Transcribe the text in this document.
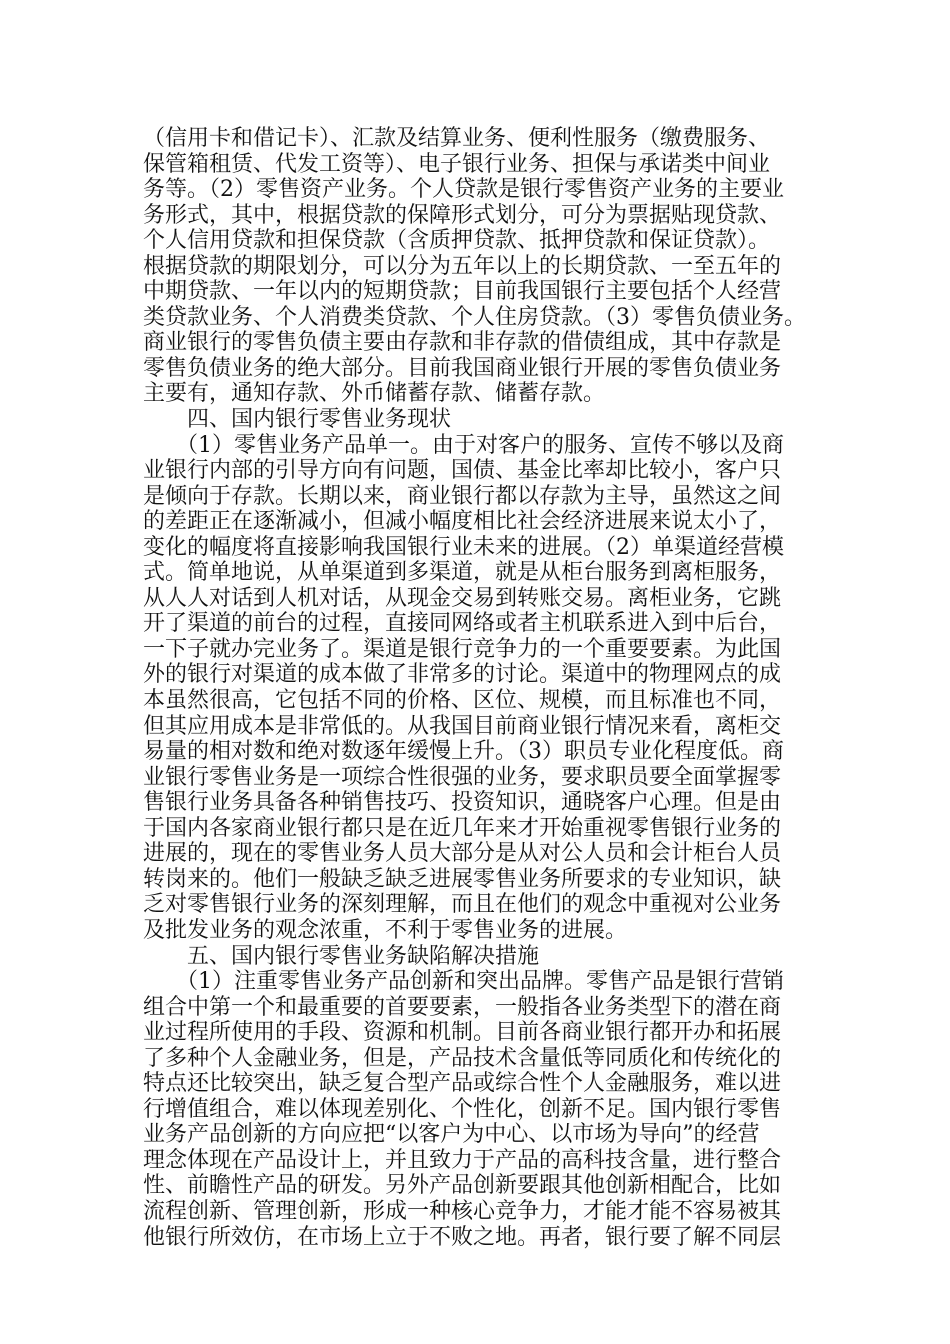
（信用卡和借记卡）、汇款及结算业务、便利性服务（缴费服务、
保管箱租赁、代发工资等）、电子银行业务、担保与承诺类中间业
务等。（2）零售资产业务。个人贷款是银行零售资产业务的主要业
务形式，其中，根据贷款的保障形式划分，可分为票据贴现贷款、
个人信用贷款和担保贷款（含质押贷款、抵押贷款和保证贷款）。
根据贷款的期限划分，可以分为五年以上的长期贷款、一至五年的
中期贷款、一年以内的短期贷款；目前我国银行主要包括个人经营
类贷款业务、个人消费类贷款、个人住房贷款。（3）零售负债业务。
商业银行的零售负债主要由存款和非存款的借债组成，其中存款是
零售负债业务的绝大部分。目前我国商业银行开展的零售负债业务
主要有，通知存款、外币储蓄存款、储蓄存款。
　　四、国内银行零售业务现状
　　（1）零售业务产品单一。由于对客户的服务、宣传不够以及商
业银行内部的引导方向有问题，国债、基金比率却比较小，客户只
是倾向于存款。长期以来，商业银行都以存款为主导，虽然这之间
的差距正在逐渐减小，但减小幅度相比社会经济进展来说太小了，
变化的幅度将直接影响我国银行业未来的进展。（2）单渠道经营模
式。简单地说，从单渠道到多渠道，就是从柜台服务到离柜服务，
从人人对话到人机对话，从现金交易到转账交易。离柜业务，它跳
开了渠道的前台的过程，直接同网络或者主机联系进入到中后台，
一下子就办完业务了。渠道是银行竞争力的一个重要要素。为此国
外的银行对渠道的成本做了非常多的讨论。渠道中的物理网点的成
本虽然很高，它包括不同的价格、区位、规模，而且标准也不同，
但其应用成本是非常低的。从我国目前商业银行情况来看，离柜交
易量的相对数和绝对数逐年缓慢上升。（3）职员专业化程度低。商
业银行零售业务是一项综合性很强的业务，要求职员要全面掌握零
售银行业务具备各种销售技巧、投资知识，通晓客户心理。但是由
于国内各家商业银行都只是在近几年来才开始重视零售银行业务的
进展的，现在的零售业务人员大部分是从对公人员和会计柜台人员
转岗来的。他们一般缺乏缺乏进展零售业务所要求的专业知识，缺
乏对零售银行业务的深刻理解，而且在他们的观念中重视对公业务
及批发业务的观念浓重，不利于零售业务的进展。
　　五、国内银行零售业务缺陷解决措施
　　（1）注重零售业务产品创新和突出品牌。零售产品是银行营销
组合中第一个和最重要的首要要素，一般指各业务类型下的潜在商
业过程所使用的手段、资源和机制。目前各商业银行都开办和拓展
了多种个人金融业务，但是，产品技术含量低等同质化和传统化的
特点还比较突出，缺乏复合型产品或综合性个人金融服务，难以进
行增值组合，难以体现差别化、个性化，创新不足。国内银行零售
业务产品创新的方向应把“以客户为中心、以市场为导向”的经营
理念体现在产品设计上，并且致力于产品的高科技含量，进行整合
性、前瞻性产品的研发。另外产品创新要跟其他创新相配合，比如
流程创新、管理创新，形成一种核心竞争力，才能才能不容易被其
他银行所效仿，在市场上立于不败之地。再者，银行要了解不同层
